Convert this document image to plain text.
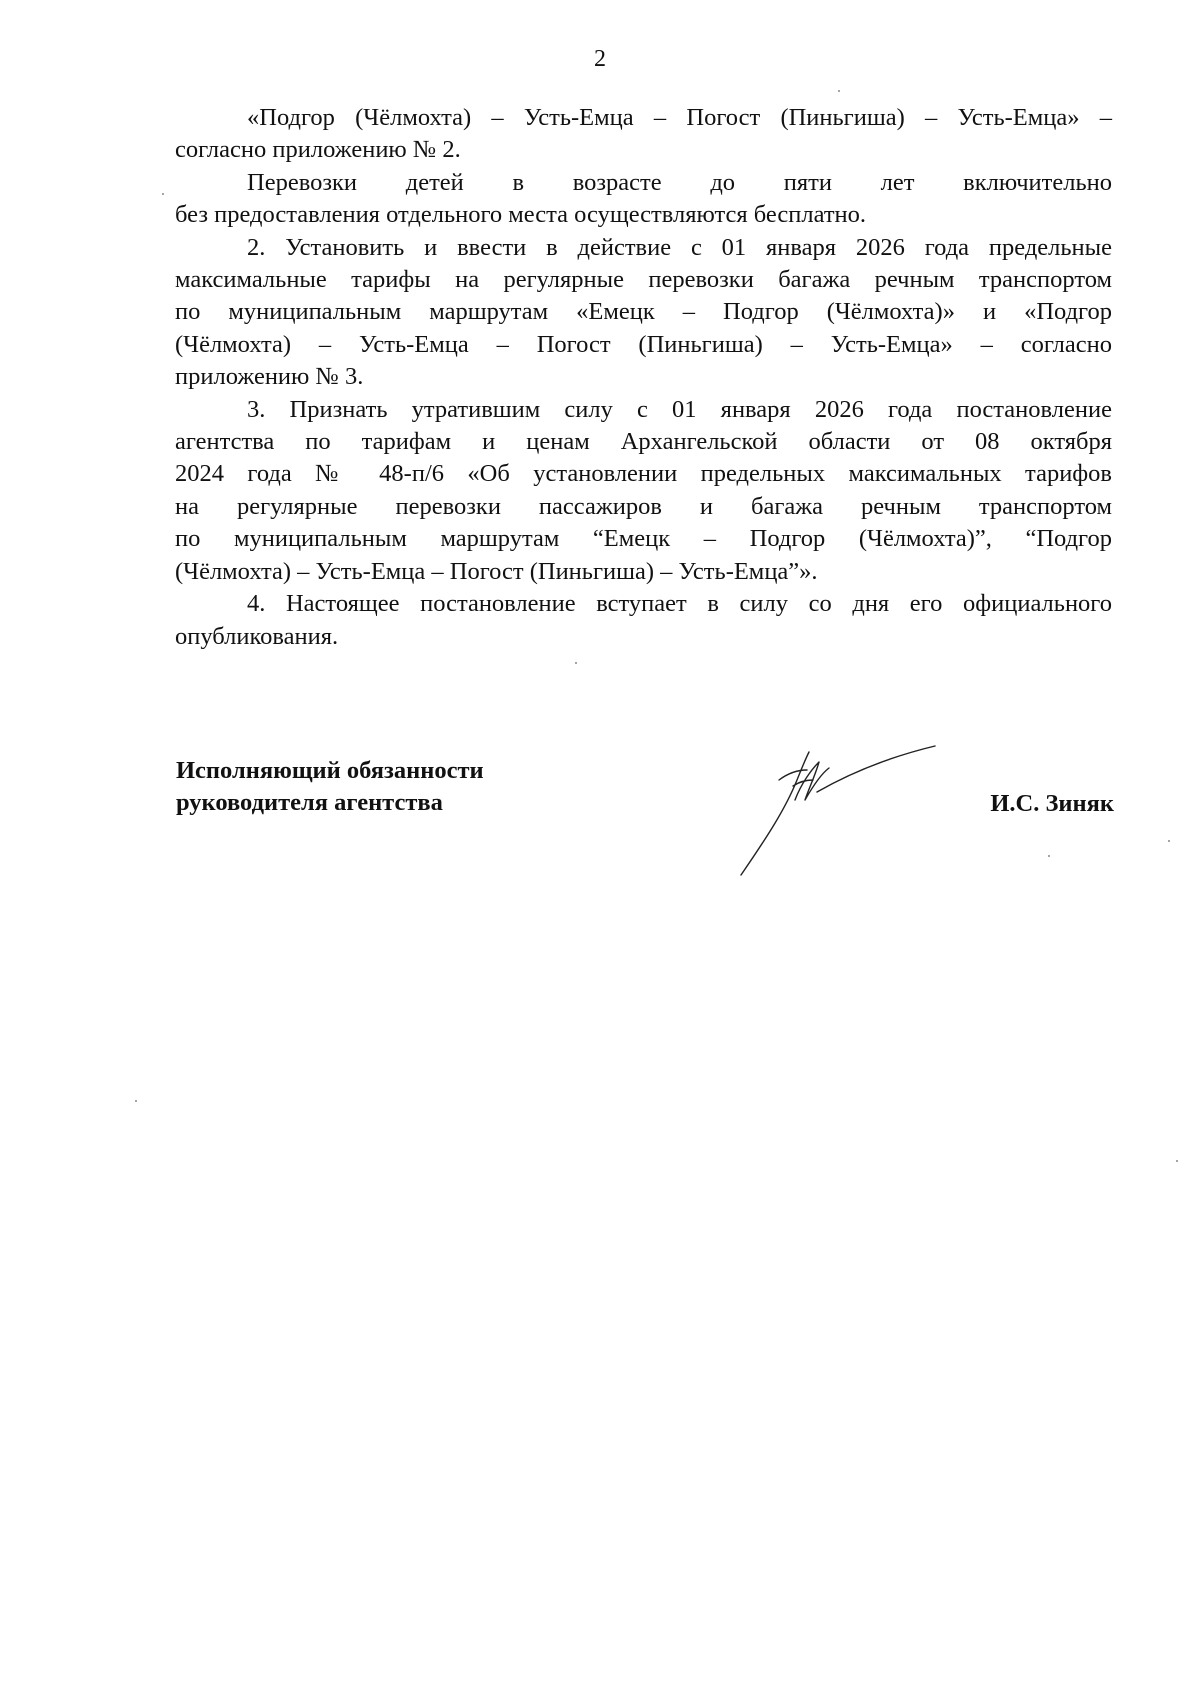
2

«Подгор (Чёлмохта) – Усть-Емца – Погост (Пиньгиша) – Усть-Емца» –
согласно приложению № 2.

Перевозки детей в возрасте до пяти лет включительно
без предоставления отдельного места осуществляются бесплатно.

2. Установить и ввести в действие с 01 января 2026 года предельные
максимальные тарифы на регулярные перевозки багажа речным транспортом
по муниципальным маршрутам «Емецк – Подгор (Чёлмохта)» и «Подгор
(Чёлмохта) – Усть-Емца – Погост (Пиньгиша) – Усть-Емца» – согласно
приложению № 3.

3. Признать утратившим силу с 01 января 2026 года постановление
агентства по тарифам и ценам Архангельской области от 08 октября
2024 года № 48-п/6 «Об установлении предельных максимальных тарифов
на регулярные перевозки пассажиров и багажа речным транспортом
по муниципальным маршрутам “Емецк – Подгор (Чёлмохта)”, “Подгор
(Чёлмохта) – Усть-Емца – Погост (Пиньгиша) – Усть-Емца”».

4. Настоящее постановление вступает в силу со дня его официального
опубликования.

Исполняющий обязанности
руководителя агентства	И.С. Зиняк
